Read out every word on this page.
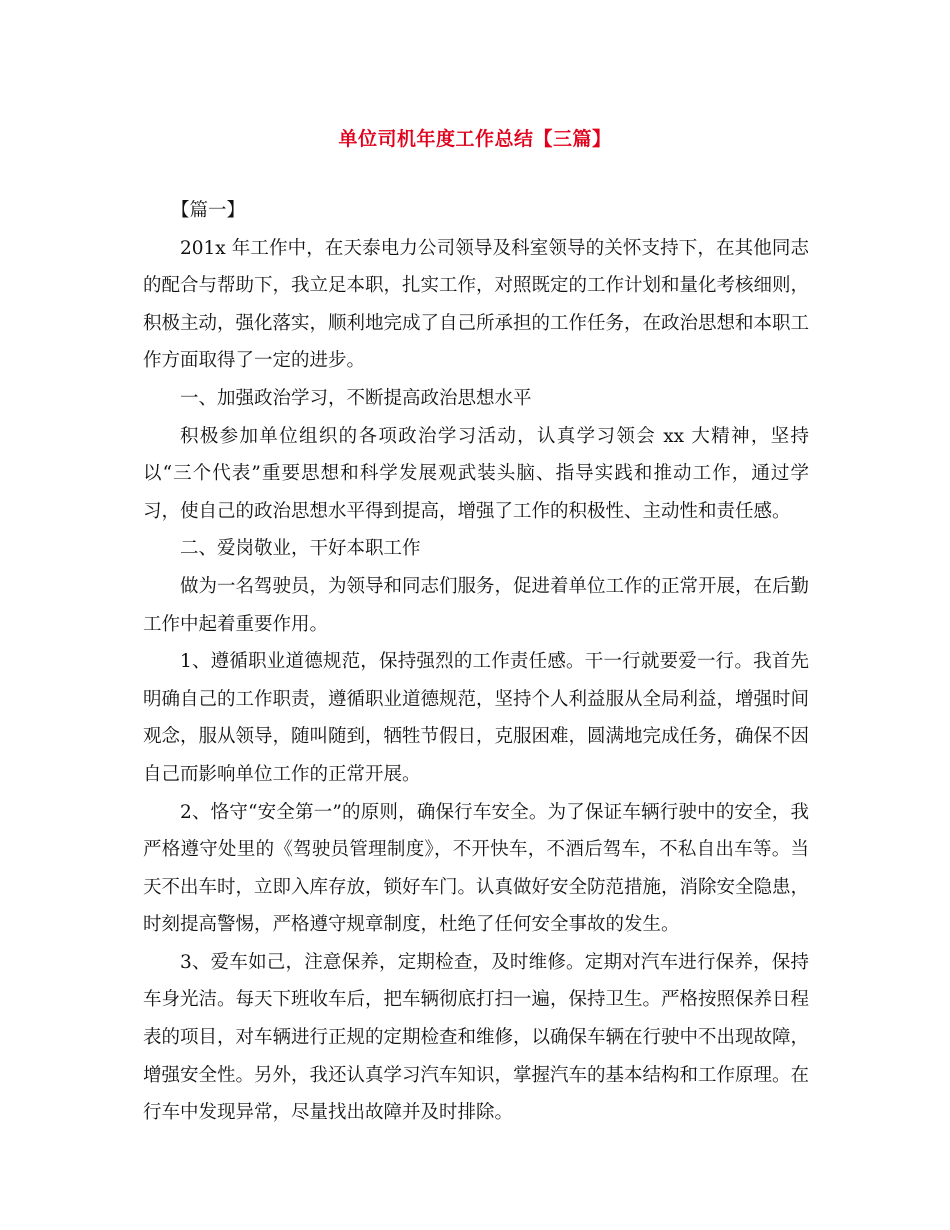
单位司机年度工作总结【三篇】

【篇一】

201x 年工作中，在天泰电力公司领导及科室领导的关怀支持下，在其他同志的配合与帮助下，我立足本职，扎实工作，对照既定的工作计划和量化考核细则，积极主动，强化落实，顺利地完成了自己所承担的工作任务，在政治思想和本职工作方面取得了一定的进步。

一、加强政治学习，不断提高政治思想水平

积极参加单位组织的各项政治学习活动，认真学习领会 xx 大精神，坚持以“三个代表”重要思想和科学发展观武装头脑、指导实践和推动工作，通过学习，使自己的政治思想水平得到提高，增强了工作的积极性、主动性和责任感。

二、爱岗敬业，干好本职工作

做为一名驾驶员，为领导和同志们服务，促进着单位工作的正常开展，在后勤工作中起着重要作用。

1、遵循职业道德规范，保持强烈的工作责任感。干一行就要爱一行。我首先明确自己的工作职责，遵循职业道德规范，坚持个人利益服从全局利益，增强时间观念，服从领导，随叫随到，牺牲节假日，克服困难，圆满地完成任务，确保不因自己而影响单位工作的正常开展。

2、恪守“安全第一”的原则，确保行车安全。为了保证车辆行驶中的安全，我严格遵守处里的《驾驶员管理制度》，不开快车，不酒后驾车，不私自出车等。当天不出车时，立即入库存放，锁好车门。认真做好安全防范措施，消除安全隐患，时刻提高警惕，严格遵守规章制度，杜绝了任何安全事故的发生。

3、爱车如己，注意保养，定期检查，及时维修。定期对汽车进行保养，保持车身光洁。每天下班收车后，把车辆彻底打扫一遍，保持卫生。严格按照保养日程表的项目，对车辆进行正规的定期检查和维修，以确保车辆在行驶中不出现故障，增强安全性。另外，我还认真学习汽车知识，掌握汽车的基本结构和工作原理。在行车中发现异常，尽量找出故障并及时排除。
